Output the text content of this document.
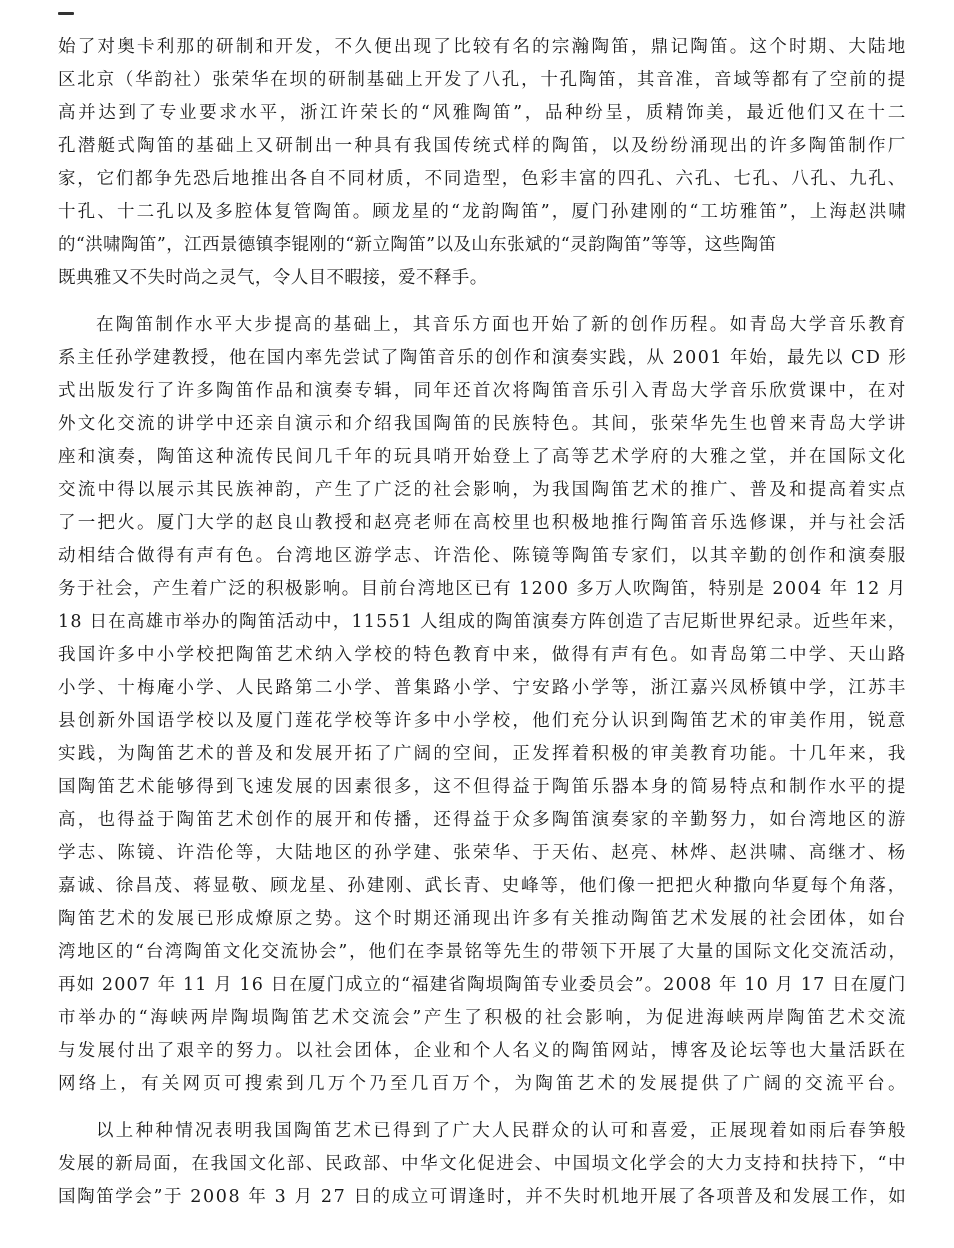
始了对奥卡利那的研制和开发，不久便出现了比较有名的宗瀚陶笛，鼎记陶笛。这个时期、大陆地
区北京（华韵社）张荣华在坝的研制基础上开发了八孔，十孔陶笛，其音准，音域等都有了空前的提
高并达到了专业要求水平，浙江许荣长的“风雅陶笛”，品种纷呈，质精饰美，最近他们又在十二
孔潜艇式陶笛的基础上又研制出一种具有我国传统式样的陶笛，以及纷纷涌现出的许多陶笛制作厂
家，它们都争先恐后地推出各自不同材质，不同造型，色彩丰富的四孔、六孔、七孔、八孔、九孔、
十孔、十二孔以及多腔体复管陶笛。顾龙星的“龙韵陶笛”，厦门孙建刚的“工坊雅笛”，上海赵洪啸
的“洪啸陶笛”，江西景德镇李锟刚的“新立陶笛”以及山东张斌的“灵韵陶笛”等等，这些陶笛
既典雅又不失时尚之灵气，令人目不暇接，爱不释手。
在陶笛制作水平大步提高的基础上，其音乐方面也开始了新的创作历程。如青岛大学音乐教育
系主任孙学建教授，他在国内率先尝试了陶笛音乐的创作和演奏实践，从 2001 年始，最先以 CD 形
式出版发行了许多陶笛作品和演奏专辑，同年还首次将陶笛音乐引入青岛大学音乐欣赏课中，在对
外文化交流的讲学中还亲自演示和介绍我国陶笛的民族特色。其间，张荣华先生也曾来青岛大学讲
座和演奏，陶笛这种流传民间几千年的玩具哨开始登上了高等艺术学府的大雅之堂，并在国际文化
交流中得以展示其民族神韵，产生了广泛的社会影响，为我国陶笛艺术的推广、普及和提高着实点
了一把火。厦门大学的赵良山教授和赵亮老师在高校里也积极地推行陶笛音乐选修课，并与社会活
动相结合做得有声有色。台湾地区游学志、许浩伦、陈镜等陶笛专家们，以其辛勤的创作和演奏服
务于社会，产生着广泛的积极影响。目前台湾地区已有 1200 多万人吹陶笛，特别是 2004 年 12 月
18 日在高雄市举办的陶笛活动中，11551 人组成的陶笛演奏方阵创造了吉尼斯世界纪录。近些年来，
我国许多中小学校把陶笛艺术纳入学校的特色教育中来，做得有声有色。如青岛第二中学、天山路
小学、十梅庵小学、人民路第二小学、普集路小学、宁安路小学等，浙江嘉兴凤桥镇中学，江苏丰
县创新外国语学校以及厦门莲花学校等许多中小学校，他们充分认识到陶笛艺术的审美作用，锐意
实践，为陶笛艺术的普及和发展开拓了广阔的空间，正发挥着积极的审美教育功能。十几年来，我
国陶笛艺术能够得到飞速发展的因素很多，这不但得益于陶笛乐器本身的简易特点和制作水平的提
高，也得益于陶笛艺术创作的展开和传播，还得益于众多陶笛演奏家的辛勤努力，如台湾地区的游
学志、陈镜、许浩伦等，大陆地区的孙学建、张荣华、于天佑、赵亮、林烨、赵洪啸、高继才、杨
嘉诚、徐昌茂、蒋显敬、顾龙星、孙建刚、武长青、史峰等，他们像一把把火种撒向华夏每个角落，
陶笛艺术的发展已形成燎原之势。这个时期还涌现出许多有关推动陶笛艺术发展的社会团体，如台
湾地区的“台湾陶笛文化交流协会”，他们在李景铭等先生的带领下开展了大量的国际文化交流活动，
再如 2007 年 11 月 16 日在厦门成立的“福建省陶埙陶笛专业委员会”。2008 年 10 月 17 日在厦门
市举办的“海峡两岸陶埙陶笛艺术交流会”产生了积极的社会影响，为促进海峡两岸陶笛艺术交流
与发展付出了艰辛的努力。以社会团体，企业和个人名义的陶笛网站，博客及论坛等也大量活跃在
网络上，有关网页可搜索到几万个乃至几百万个，为陶笛艺术的发展提供了广阔的交流平台。
以上种种情况表明我国陶笛艺术已得到了广大人民群众的认可和喜爱，正展现着如雨后春笋般
发展的新局面，在我国文化部、民政部、中华文化促进会、中国埙文化学会的大力支持和扶持下，“中
国陶笛学会”于 2008 年 3 月 27 日的成立可谓逢时，并不失时机地开展了各项普及和发展工作，如
